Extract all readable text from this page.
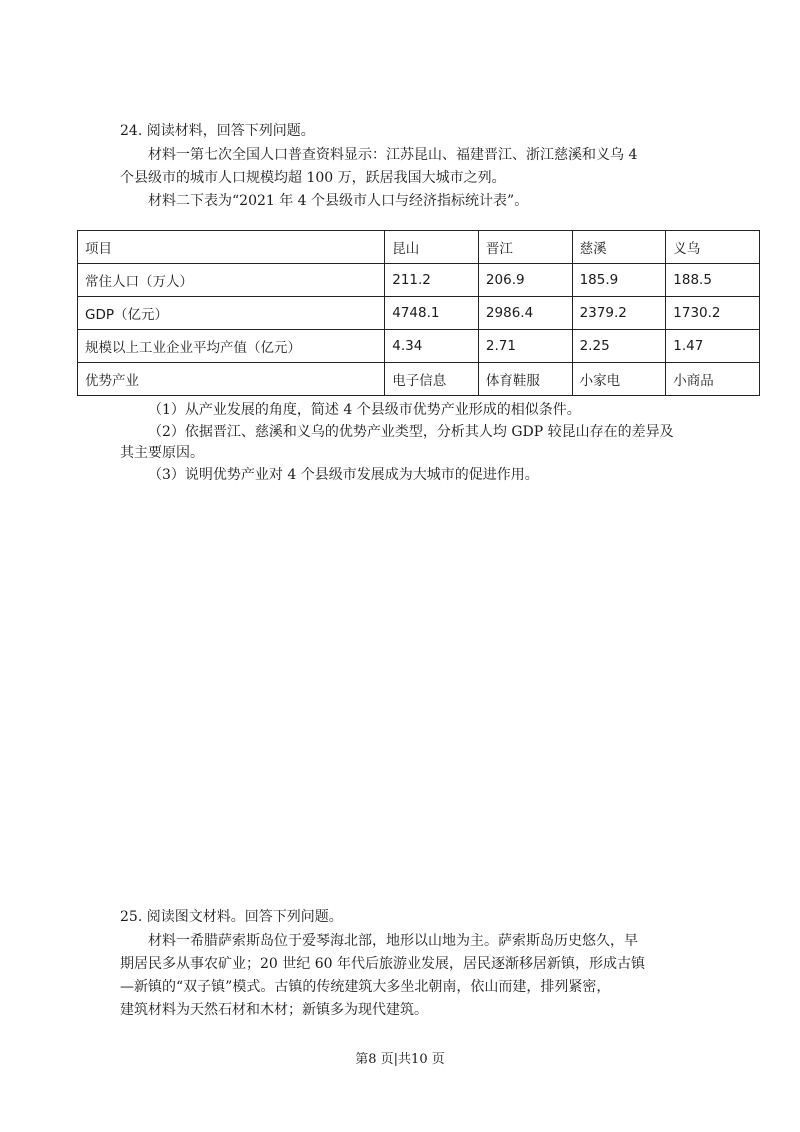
24. 阅读材料，回答下列问题。
材料一第七次全国人口普查资料显示：江苏昆山、福建晋江、浙江慈溪和义乌 4
个县级市的城市人口规模均超 100 万，跃居我国大城市之列。
材料二下表为“2021 年 4 个县级市人口与经济指标统计表”。
项目	昆山	晋江	慈溪	义乌
常住人口（万人）	211.2	206.9	185.9	188.5
GDP（亿元）	4748.1	2986.4	2379.2	1730.2
规模以上工业企业平均产值（亿元）	4.34	2.71	2.25	1.47
优势产业	电子信息	体育鞋服	小家电	小商品
（1）从产业发展的角度，简述 4 个县级市优势产业形成的相似条件。
（2）依据晋江、慈溪和义乌的优势产业类型，分析其人均 GDP 较昆山存在的差异及
其主要原因。
（3）说明优势产业对 4 个县级市发展成为大城市的促进作用。
25. 阅读图文材料。回答下列问题。
材料一希腊萨索斯岛位于爱琴海北部，地形以山地为主。萨索斯岛历史悠久，早
期居民多从事农矿业；20 世纪 60 年代后旅游业发展，居民逐渐移居新镇，形成古镇
—新镇的“双子镇”模式。古镇的传统建筑大多坐北朝南，依山而建，排列紧密，
建筑材料为天然石材和木材；新镇多为现代建筑。
第8 页|共10 页
